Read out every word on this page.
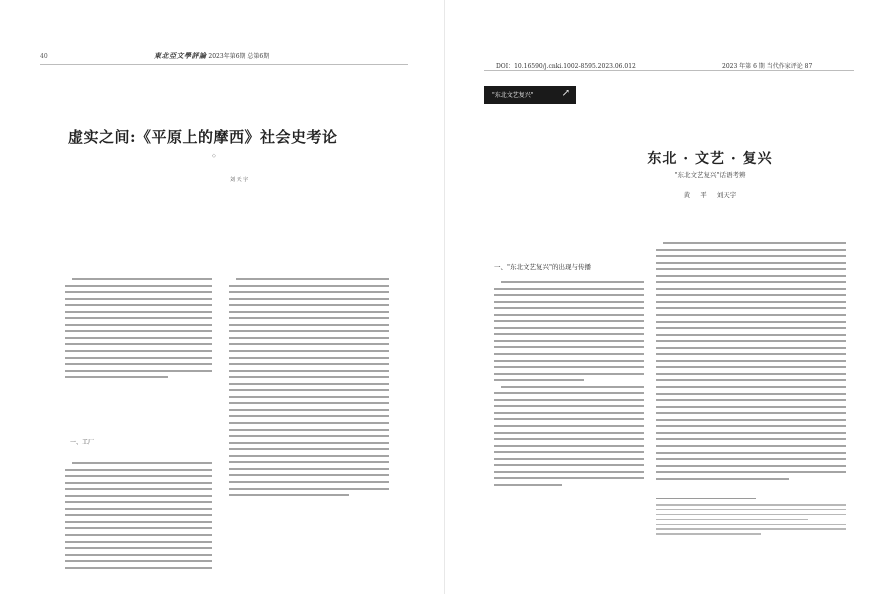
40	東北亞文學評論 2023年第6期 总第6期
虚实之间:《平原上的摩西》社会史考论
◇
刘 天 宇
一、工厂
DOI：10.16590/j.cnki.1002-8595.2023.06.012	2023 年第 6 期 当代作家评论 87
"东北文艺复兴"	↗
东北 · 文艺 · 复兴
"东北文艺复兴"话语考辨
黄 平 刘天宇
一、"东北文艺复兴"的出现与传播
